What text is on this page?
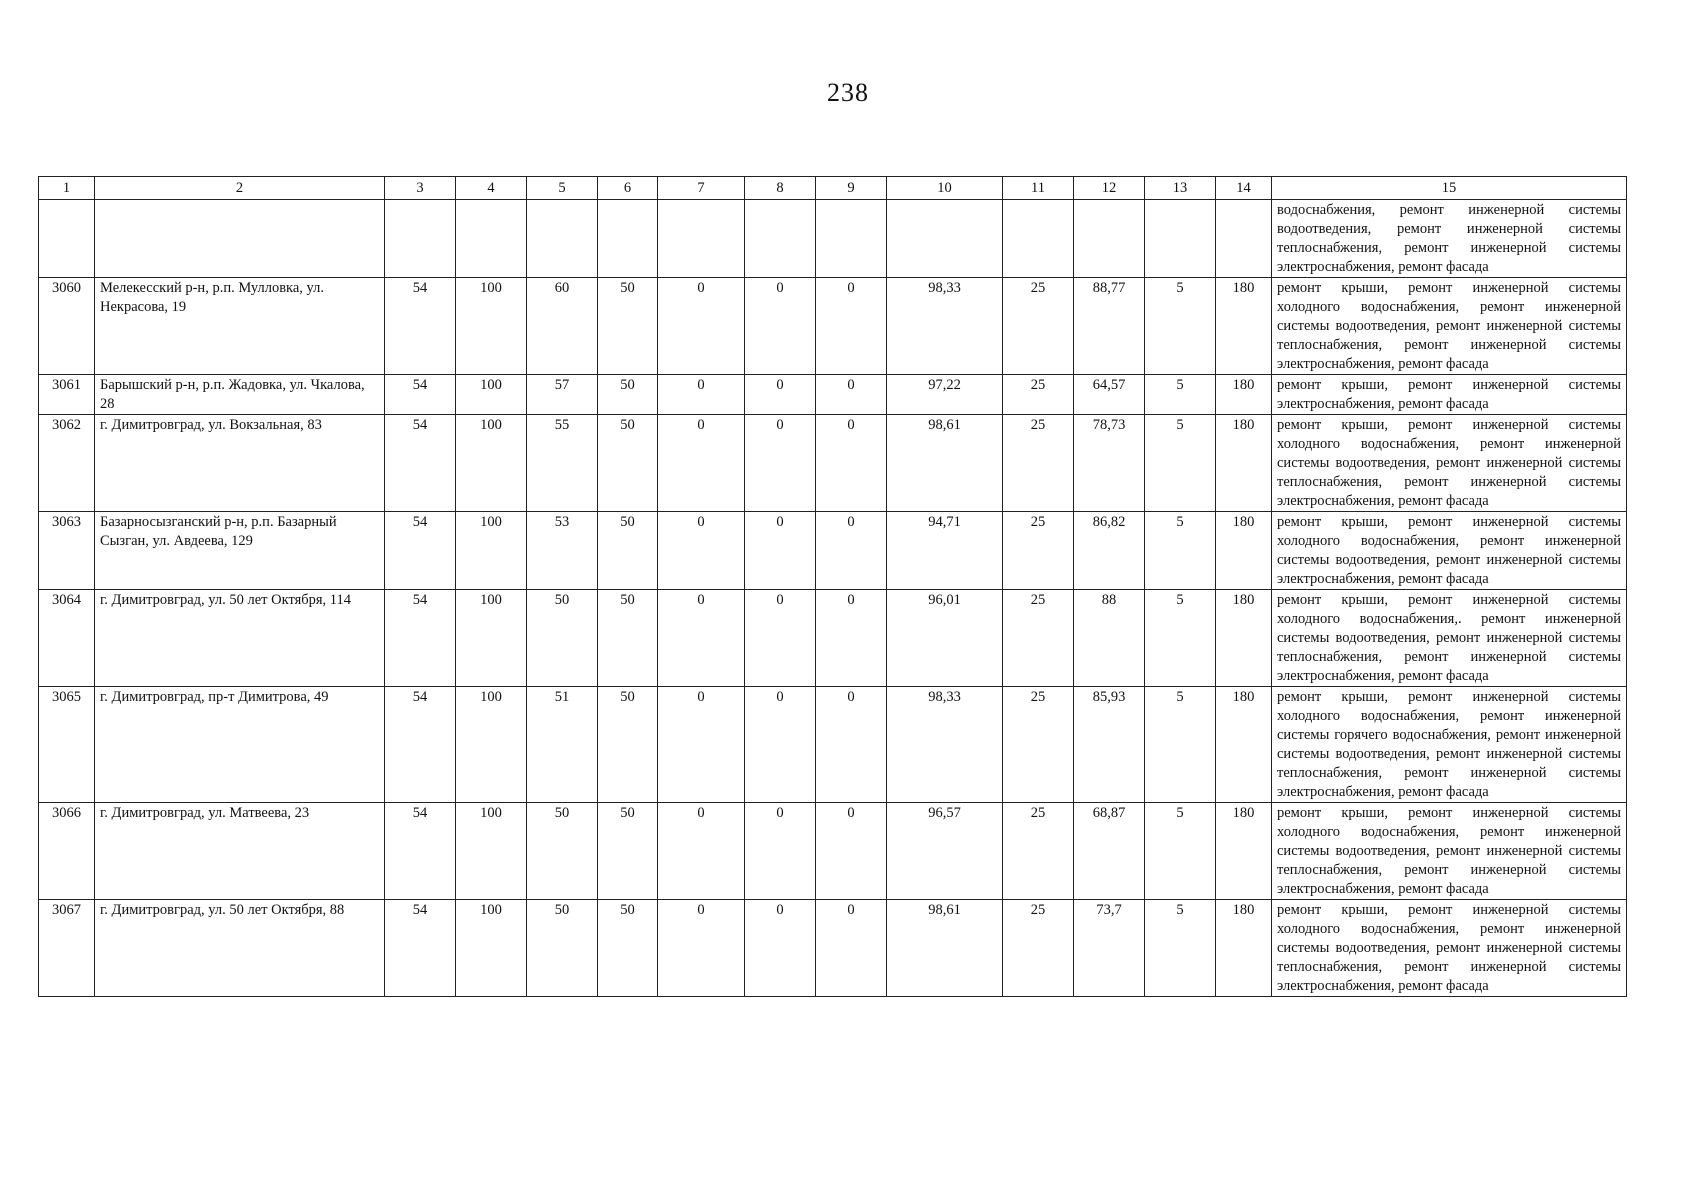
238
1	2	3	4	5	6	7	8	9	10	11	12	13	14	15
														водоснабжения, ремонт инженерной системы водоотведения, ремонт инженерной системы теплоснабжения, ремонт инженерной системы электроснабжения, ремонт фасада
3060	Мелекесский р-н, р.п. Мулловка, ул. Некрасова, 19	54	100	60	50	0	0	0	98,33	25	88,77	5	180	ремонт крыши, ремонт инженерной системы холодного водоснабжения, ремонт инженерной системы водоотведения, ремонт инженерной системы теплоснабжения, ремонт инженерной системы электроснабжения, ремонт фасада
3061	Барышский р-н, р.п. Жадовка, ул. Чкалова, 28	54	100	57	50	0	0	0	97,22	25	64,57	5	180	ремонт крыши, ремонт инженерной системы электроснабжения, ремонт фасада
3062	г. Димитровград, ул. Вокзальная, 83	54	100	55	50	0	0	0	98,61	25	78,73	5	180	ремонт крыши, ремонт инженерной системы холодного водоснабжения, ремонт инженерной системы водоотведения, ремонт инженерной системы теплоснабжения, ремонт инженерной системы электроснабжения, ремонт фасада
3063	Базарносызганский р-н, р.п. Базарный Сызган, ул. Авдеева, 129	54	100	53	50	0	0	0	94,71	25	86,82	5	180	ремонт крыши, ремонт инженерной системы холодного водоснабжения, ремонт инженерной системы водоотведения, ремонт инженерной системы электроснабжения, ремонт фасада
3064	г. Димитровград, ул. 50 лет Октября, 114	54	100	50	50	0	0	0	96,01	25	88	5	180	ремонт крыши, ремонт инженерной системы холодного водоснабжения,. ремонт инженерной системы водоотведения, ремонт инженерной системы теплоснабжения, ремонт инженерной системы электроснабжения, ремонт фасада
3065	г. Димитровград, пр-т Димитрова, 49	54	100	51	50	0	0	0	98,33	25	85,93	5	180	ремонт крыши, ремонт инженерной системы холодного водоснабжения, ремонт инженерной системы горячего водоснабжения, ремонт инженерной системы водоотведения, ремонт инженерной системы теплоснабжения, ремонт инженерной системы электроснабжения, ремонт фасада
3066	г. Димитровград, ул. Матвеева, 23	54	100	50	50	0	0	0	96,57	25	68,87	5	180	ремонт крыши, ремонт инженерной системы холодного водоснабжения, ремонт инженерной системы водоотведения, ремонт инженерной системы теплоснабжения, ремонт инженерной системы электроснабжения, ремонт фасада
3067	г. Димитровград, ул. 50 лет Октября, 88	54	100	50	50	0	0	0	98,61	25	73,7	5	180	ремонт крыши, ремонт инженерной системы холодного водоснабжения, ремонт инженерной системы водоотведения, ремонт инженерной системы теплоснабжения, ремонт инженерной системы электроснабжения, ремонт фасада
